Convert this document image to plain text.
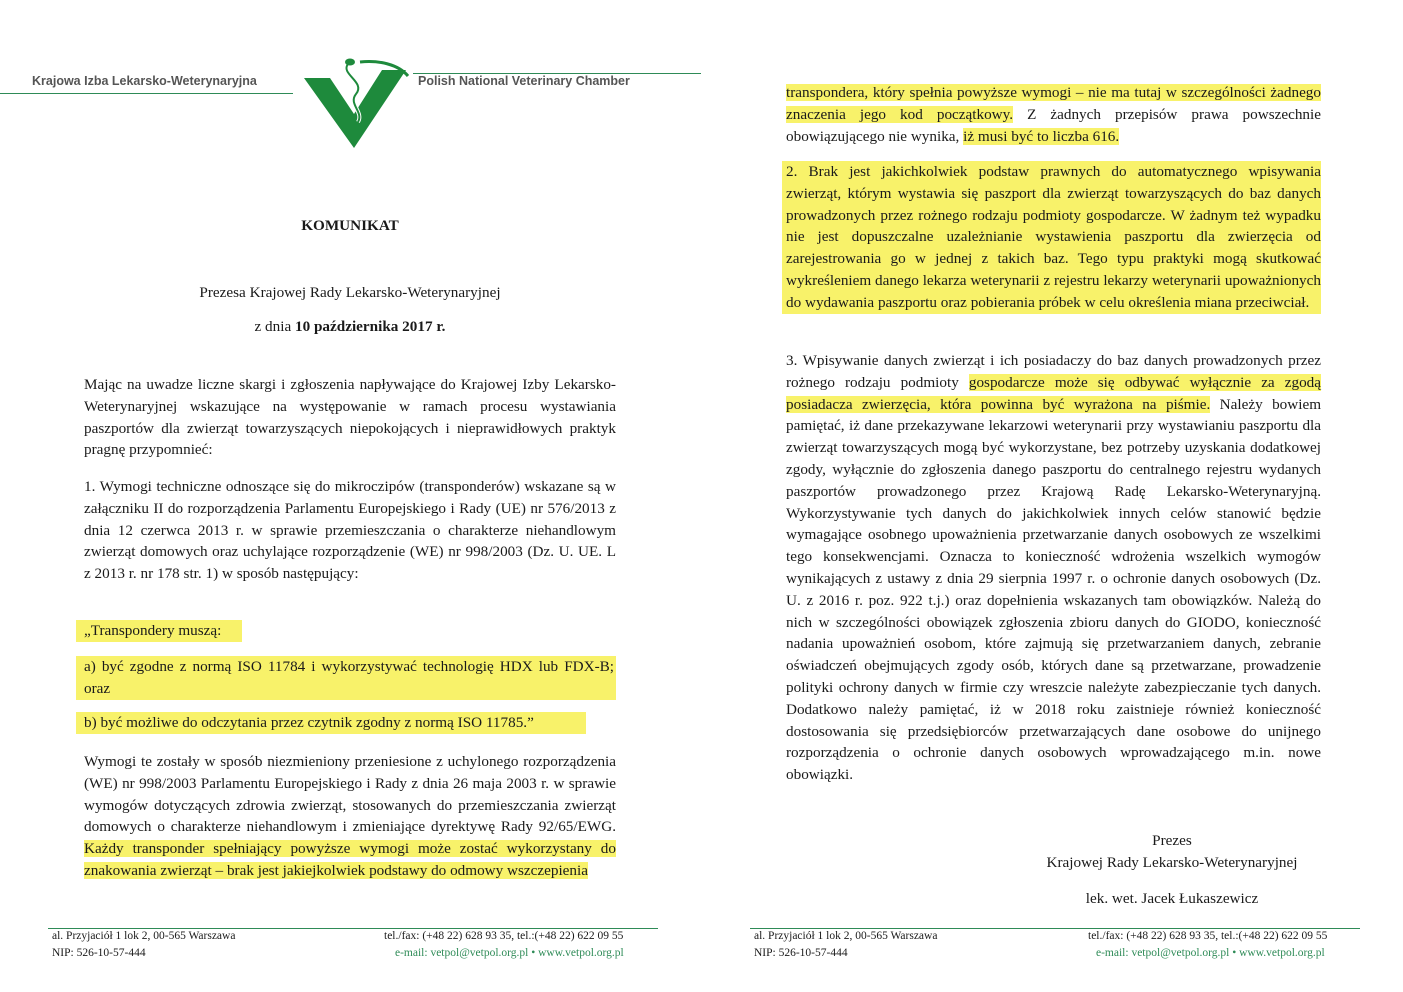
Krajowa Izba Lekarsko-Weterynaryjna	Polish National Veterinary Chamber
KOMUNIKAT
Prezesa Krajowej Rady Lekarsko-Weterynaryjnej
z dnia 10 października 2017 r.
Mając na uwadze liczne skargi i zgłoszenia napływające do Krajowej Izby Lekarsko-Weterynaryjnej wskazujące na występowanie w ramach procesu wystawiania paszportów dla zwierząt towarzyszących niepokojących i nieprawidłowych praktyk pragnę przypomnieć:
1. Wymogi techniczne odnoszące się do mikroczipów (transponderów) wskazane są w załączniku II do rozporządzenia Parlamentu Europejskiego i Rady (UE) nr 576/2013 z dnia 12 czerwca 2013 r. w sprawie przemieszczania o charakterze niehandlowym zwierząt domowych oraz uchylające rozporządzenie (WE) nr 998/2003 (Dz. U. UE. L z 2013 r. nr 178 str. 1) w sposób następujący:
„Transpondery muszą:
a) być zgodne z normą ISO 11784 i wykorzystywać technologię HDX lub FDX-B; oraz
b) być możliwe do odczytania przez czytnik zgodny z normą ISO 11785.”
Wymogi te zostały w sposób niezmieniony przeniesione z uchylonego rozporządzenia (WE) nr 998/2003 Parlamentu Europejskiego i Rady z dnia 26 maja 2003 r. w sprawie wymogów dotyczących zdrowia zwierząt, stosowanych do przemieszczania zwierząt domowych o charakterze niehandlowym i zmieniające dyrektywę Rady 92/65/EWG. Każdy transponder spełniający powyższe wymogi może zostać wykorzystany do znakowania zwierząt – brak jest jakiejkolwiek podstawy do odmowy wszczepienia
al. Przyjaciół 1 lok 2, 00-565 Warszawa	tel./fax: (+48 22) 628 93 35, tel.:(+48 22) 622 09 55
NIP: 526-10-57-444	e-mail: vetpol@vetpol.org.pl • www.vetpol.org.pl
transpondera, który spełnia powyższe wymogi – nie ma tutaj w szczególności żadnego znaczenia jego kod początkowy. Z żadnych przepisów prawa powszechnie obowiązującego nie wynika, iż musi być to liczba 616.
2. Brak jest jakichkolwiek podstaw prawnych do automatycznego wpisywania zwierząt, którym wystawia się paszport dla zwierząt towarzyszących do baz danych prowadzonych przez rożnego rodzaju podmioty gospodarcze. W żadnym też wypadku nie jest dopuszczalne uzależnianie wystawienia paszportu dla zwierzęcia od zarejestrowania go w jednej z takich baz. Tego typu praktyki mogą skutkować wykreśleniem danego lekarza weterynarii z rejestru lekarzy weterynarii upoważnionych do wydawania paszportu oraz pobierania próbek w celu określenia miana przeciwciał.
3. Wpisywanie danych zwierząt i ich posiadaczy do baz danych prowadzonych przez rożnego rodzaju podmioty gospodarcze może się odbywać wyłącznie za zgodą posiadacza zwierzęcia, która powinna być wyrażona na piśmie. Należy bowiem pamiętać, iż dane przekazywane lekarzowi weterynarii przy wystawianiu paszportu dla zwierząt towarzyszących mogą być wykorzystane, bez potrzeby uzyskania dodatkowej zgody, wyłącznie do zgłoszenia danego paszportu do centralnego rejestru wydanych paszportów prowadzonego przez Krajową Radę Lekarsko-Weterynaryjną. Wykorzystywanie tych danych do jakichkolwiek innych celów stanowić będzie wymagające osobnego upoważnienia przetwarzanie danych osobowych ze wszelkimi tego konsekwencjami. Oznacza to konieczność wdrożenia wszelkich wymogów wynikających z ustawy z dnia 29 sierpnia 1997 r. o ochronie danych osobowych (Dz. U. z 2016 r. poz. 922 t.j.) oraz dopełnienia wskazanych tam obowiązków. Należą do nich w szczególności obowiązek zgłoszenia zbioru danych do GIODO, konieczność nadania upoważnień osobom, które zajmują się przetwarzaniem danych, zebranie oświadczeń obejmujących zgody osób, których dane są przetwarzane, prowadzenie polityki ochrony danych w firmie czy wreszcie należyte zabezpieczanie tych danych. Dodatkowo należy pamiętać, iż w 2018 roku zaistnieje również konieczność dostosowania się przedsiębiorców przetwarzających dane osobowe do unijnego rozporządzenia o ochronie danych osobowych wprowadzającego m.in. nowe obowiązki.
Prezes
Krajowej Rady Lekarsko-Weterynaryjnej
lek. wet. Jacek Łukaszewicz
al. Przyjaciół 1 lok 2, 00-565 Warszawa	tel./fax: (+48 22) 628 93 35, tel.:(+48 22) 622 09 55
NIP: 526-10-57-444	e-mail: vetpol@vetpol.org.pl • www.vetpol.org.pl
